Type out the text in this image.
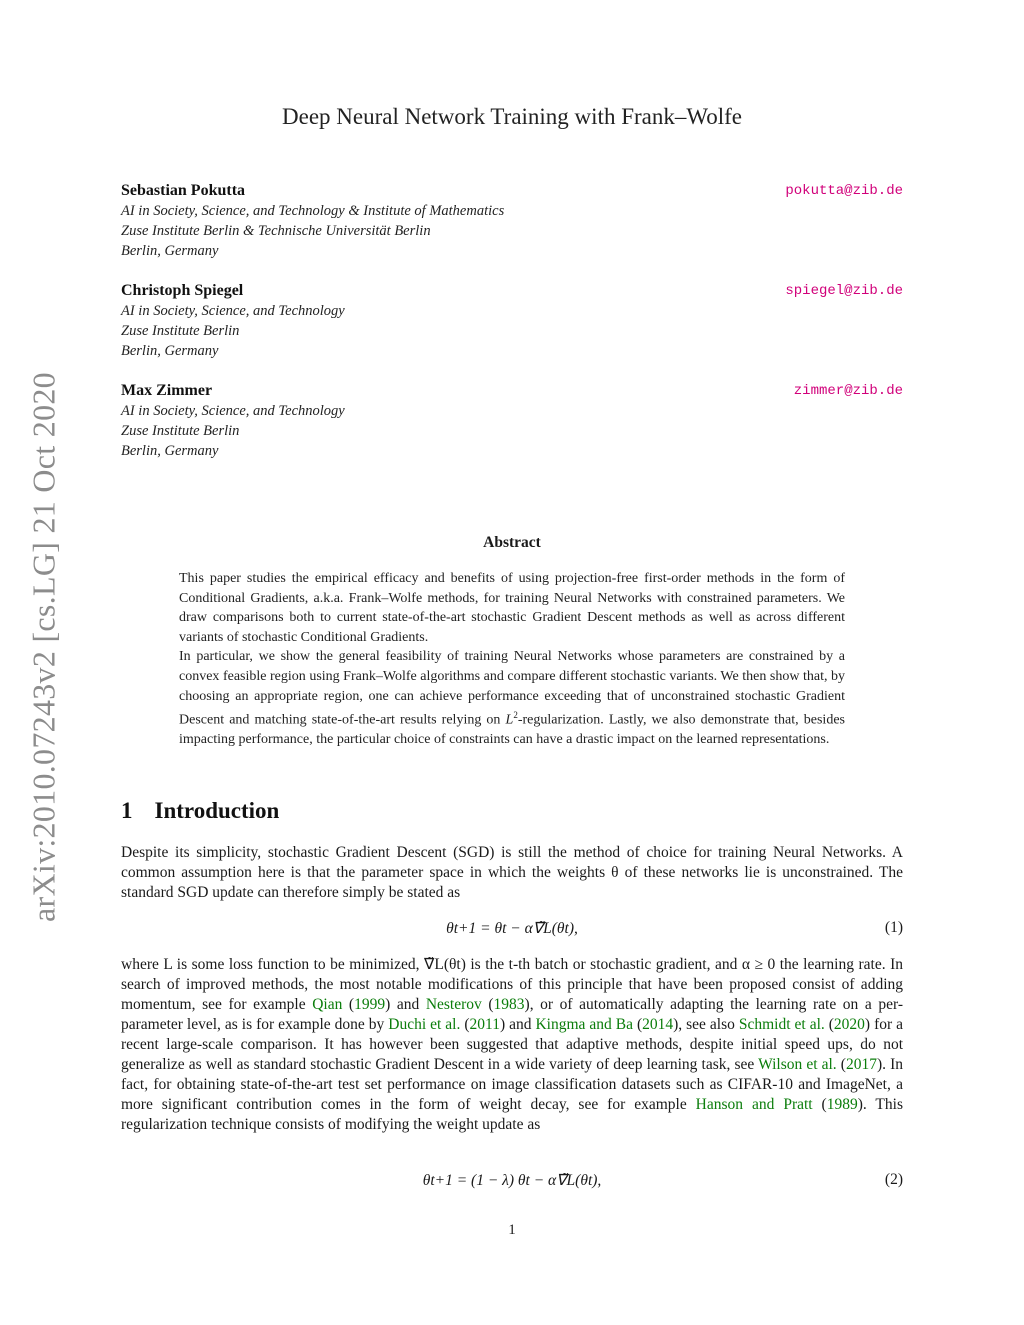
arXiv:2010.07243v2 [cs.LG] 21 Oct 2020
Deep Neural Network Training with Frank–Wolfe
Sebastian Pokutta	pokutta@zib.de
AI in Society, Science, and Technology & Institute of Mathematics
Zuse Institute Berlin & Technische Universität Berlin
Berlin, Germany
Christoph Spiegel	spiegel@zib.de
AI in Society, Science, and Technology
Zuse Institute Berlin
Berlin, Germany
Max Zimmer	zimmer@zib.de
AI in Society, Science, and Technology
Zuse Institute Berlin
Berlin, Germany
Abstract

This paper studies the empirical efficacy and benefits of using projection-free first-order methods in the form of Conditional Gradients, a.k.a. Frank–Wolfe methods, for training Neural Networks with constrained parameters. We draw comparisons both to current state-of-the-art stochastic Gradient Descent methods as well as across different variants of stochastic Conditional Gradients.

In particular, we show the general feasibility of training Neural Networks whose parameters are constrained by a convex feasible region using Frank–Wolfe algorithms and compare different stochastic variants. We then show that, by choosing an appropriate region, one can achieve performance exceeding that of unconstrained stochastic Gradient Descent and matching state-of-the-art results relying on $L^2$-regularization. Lastly, we also demonstrate that, besides impacting performance, the particular choice of constraints can have a drastic impact on the learned representations.

1 Introduction

Despite its simplicity, stochastic Gradient Descent (SGD) is still the method of choice for training Neural Networks. A common assumption here is that the parameter space in which the weights θ of these networks lie is unconstrained. The standard SGD update can therefore simply be stated as

θt+1 = θt − α∇̃L(θt),	(1)

where L is some loss function to be minimized, ∇̃L(θt) is the t-th batch or stochastic gradient, and α ≥ 0 the learning rate. In search of improved methods, the most notable modifications of this principle that have been proposed consist of adding momentum, see for example Qian (1999) and Nesterov (1983), or of automatically adapting the learning rate on a per-parameter level, as is for example done by Duchi et al. (2011) and Kingma and Ba (2014), see also Schmidt et al. (2020) for a recent large-scale comparison. It has however been suggested that adaptive methods, despite initial speed ups, do not generalize as well as standard stochastic Gradient Descent in a wide variety of deep learning task, see Wilson et al. (2017). In fact, for obtaining state-of-the-art test set performance on image classification datasets such as CIFAR-10 and ImageNet, a more significant contribution comes in the form of weight decay, see for example Hanson and Pratt (1989). This regularization technique consists of modifying the weight update as

θt+1 = (1 − λ) θt − α∇̃L(θt),	(2)
1
